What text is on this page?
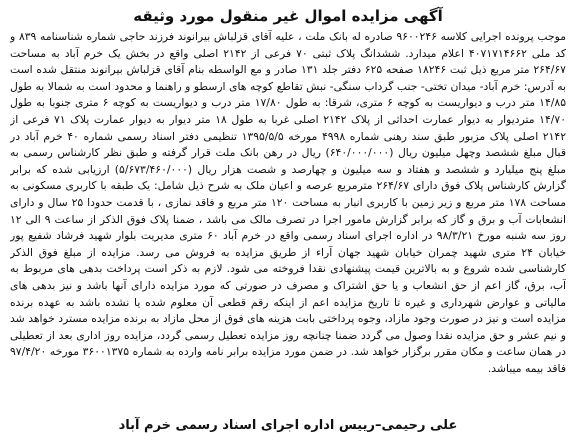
آگهی مزایده اموال غیر منقول مورد وثیقه

موجب پرونده اجرایی کلاسه ۹۶۰۰۲۴۶ صادره له بانک ملت ، علیه آقای قزلباش بیرانوند فرزند حاجی شماره شناسنامه ۸۳۹ و کد ملی ۴۰۷۱۷۱۴۶۶۲ اعلام میدارد. ششدانگ پلاک ثبتی ۷۰ فرعی از ۲۱۴۲ اصلی واقع در بخش یک خرم آباد به مساحت ۲۶۴/۶۷ متر مربع ذیل ثبت ۱۸۲۴۶ صفحه ۶۲۵ دفتر جلد ۱۳۱ صادر و مع الواسطه بنام آقای قزلباش بیرانوند منتقل شده است به آدرس: خرم آباد- میدان تختی- جنب گرداب سنگی- نبش تقاطع کوچه های ارسطو و راهنما و محدود است به شمالا به طول ۱۴/۸۵ متر درب و دیواریست به کوچه ۶ متری، شرقا: به طول ۱۷/۸۰ متر درب و دیواریست به کوچه ۶ متری جنوبا به طول ۱۴/۷۰ متردیوار به دیوار عمارت احداثی از پلاک ۲۱۴۲ اصلی غربا به طول ۱۸ متر دیوار به دیوار عمارت پلاک ۷۱ فرعی از ۲۱۴۲ اصلی پلاک مزبور طبق سند رهنی شماره ۴۹۹۸ مورخه ۱۳۹۵/۵/۵ تنظیمی دفتر اسناد رسمی شماره ۴۰ خرم آباد در قبال مبلغ ششصد وچهل میلیون ریال (۶۴۰/۰۰۰/۰۰۰) ریال در رهن بانک ملت قرار گرفته و طبق نظر کارشناس رسمی به مبلغ پنج میلیارد و ششصد و هفتاد و سه میلیون و چهارصد و شصت هزار ریال (۵/۶۷۳/۴۶۰/۰۰۰) ارزیابی شده که برابر گزارش کارشناس پلاک فوق دارای ۲۶۴/۶۷ مترمربع عرصه و اعیان ملک به شرح ذیل شامل: یک طبقه با کاربری مسکونی به مساحت ۱۷۸ متر مربع و زیر زمین با کاربری انبار به مساحت ۱۲۰ متر مربع و فاقد نمازی ، با قدمت حدودا ۲۵ سال و دارای انشعابات آب و برق و گاز که برابر گزارش مامور اجرا در تصرف مالک می باشد ، ضمنا پلاک فوق الذکر از ساعت ۹ الی ۱۲ روز سه شنبه مورخ ۹۸/۳/۲۱ در اداره اجرای اسناد رسمی واقع در خرم آباد ۶۰ متری مدیریت بلوار شهید فرشاد شفیع پور خیابان ۲۴ متری شهید چمران خیابان شهید جهان آراء از طریق مزایده به فروش می رسد. مزایده از مبلغ فوق الذکر کارشناسی شده شروع و به بالاترین قیمت پیشنهادی نقدا فروخته می شود. لازم به ذکر است پرداخت بدهی های مربوط به آب، برق، گاز اعم از حق انشعاب و یا حق اشتراک و مصرف در صورتی که مورد مزایده دارای آنها باشد و نیز بدهی های مالیاتی و عوارض شهرداری و غیره تا تاریخ مزایده اعم از اینکه رقم قطعی آن معلوم شده یا نشده باشد به عهده برنده مزایده است و نیز در صورت وجود مازاد، وجوه پرداختی بابت هزینه های فوق از محل مازاد به برنده مزایده مسترد خواهد شد و نیم عشر و حق مزایده نقدا وصول می گردد ضمنا چنانچه روز مزایده تعطیل رسمی گردد، مزایده روز اداری بعد از تعطیلی در همان ساعت و مکان مقرر برگزار خواهد شد. در ضمن مورد مزایده برابر نامه وارده به شماره ۳۶۰۰۱۳۷۵ مورخه ۹۷/۴/۲۰ فاقد بیمه میباشد.

علی رحیمی–رییس اداره اجرای اسناد رسمی خرم آباد
